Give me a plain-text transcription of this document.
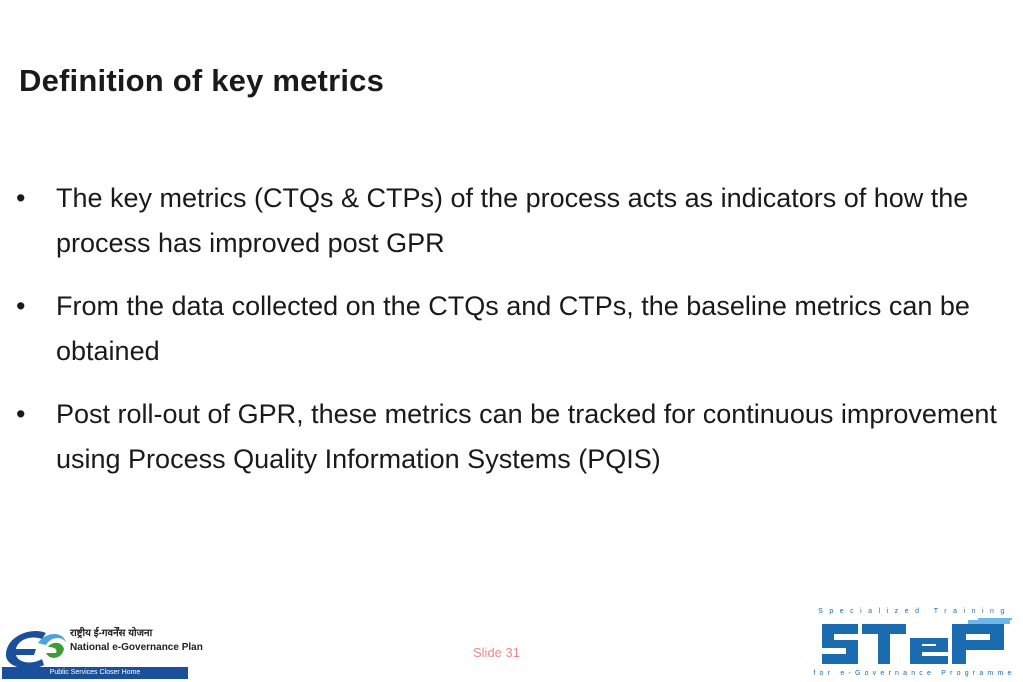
Definition of key metrics
•	The key metrics (CTQs & CTPs) of the process acts as indicators of how the process has improved post GPR
•	From the data collected on the CTQs and CTPs, the baseline metrics can be obtained
•	Post roll-out of GPR, these metrics can be tracked for continuous improvement using Process Quality Information Systems (PQIS)
Slide 31
राष्ट्रीय ई-गवर्नेंस योजना
National e-Governance Plan
Public Services Closer Home
Specialized Training
for e-Governance Programme
